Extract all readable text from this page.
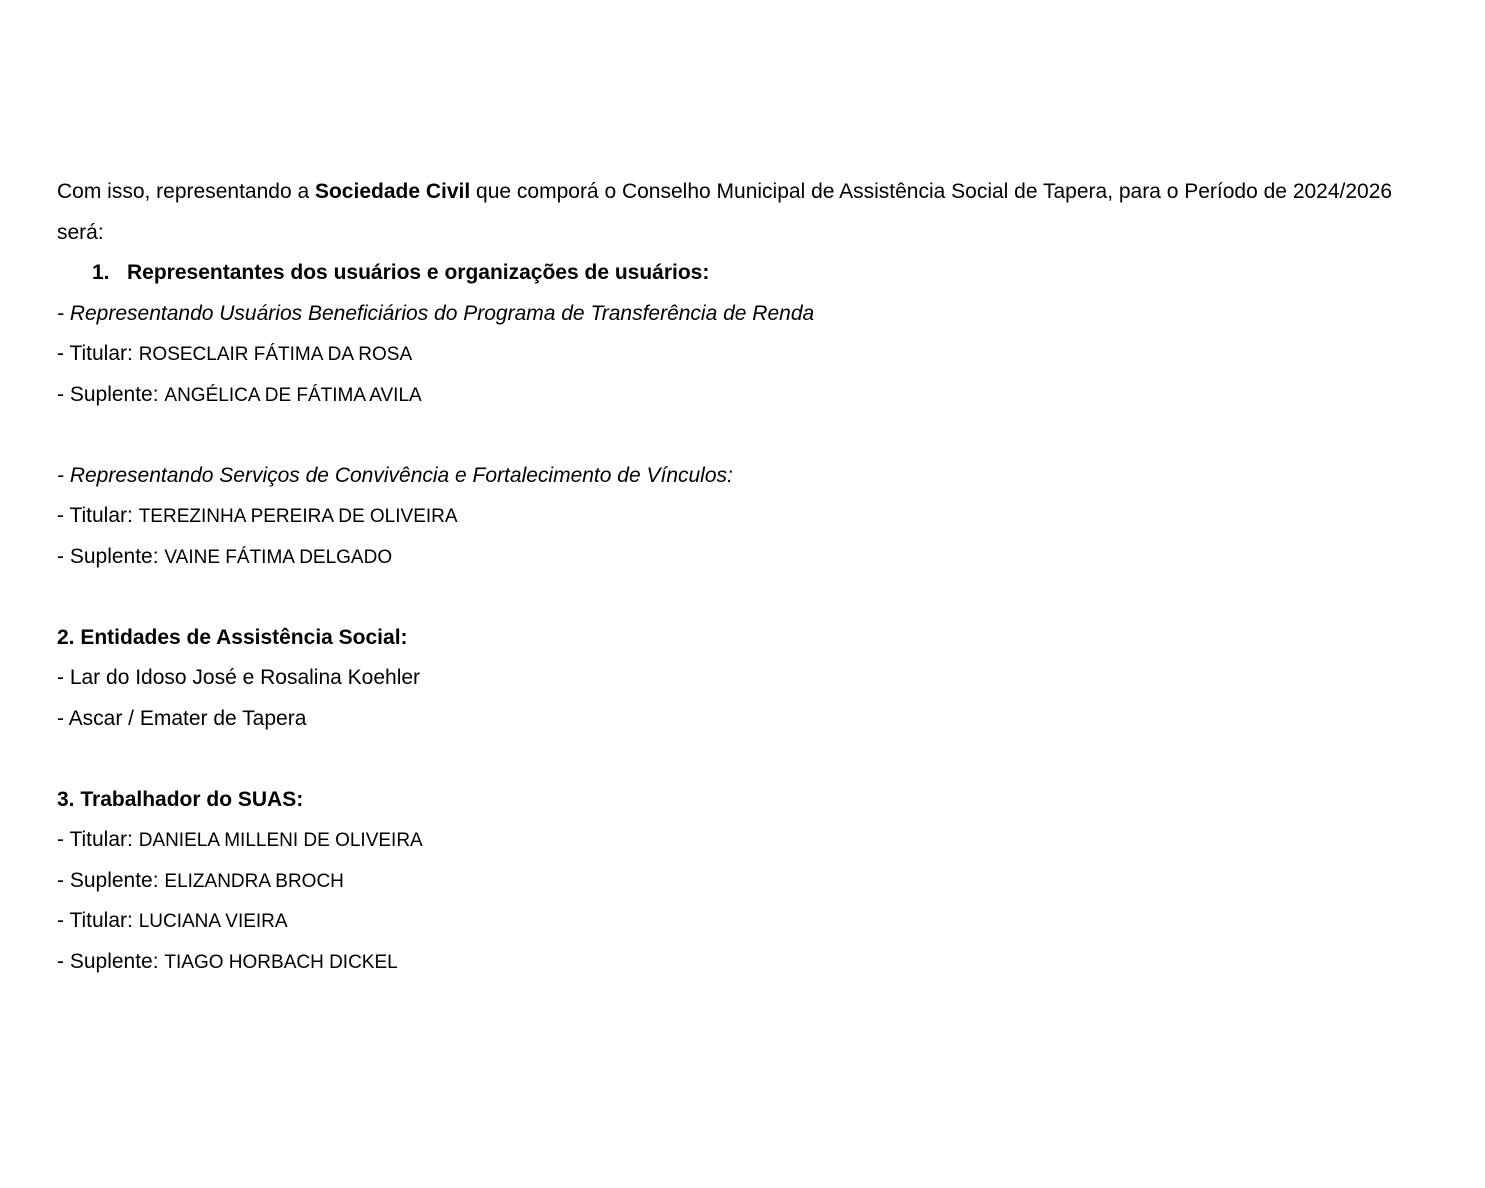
Com isso, representando a Sociedade Civil que comporá o Conselho Municipal de Assistência Social de Tapera, para o Período de 2024/2026 será:
1. Representantes dos usuários e organizações de usuários:
- Representando Usuários Beneficiários do Programa de Transferência de Renda
- Titular: ROSECLAIR FÁTIMA DA ROSA
- Suplente: ANGÉLICA DE FÁTIMA AVILA
- Representando Serviços de Convivência e Fortalecimento de Vínculos:
- Titular: TEREZINHA PEREIRA DE OLIVEIRA
- Suplente: VAINE FÁTIMA DELGADO
2. Entidades de Assistência Social:
- Lar do Idoso José e Rosalina Koehler
- Ascar / Emater de Tapera
3. Trabalhador do SUAS:
- Titular: DANIELA MILLENI DE OLIVEIRA
- Suplente: ELIZANDRA BROCH
- Titular: LUCIANA VIEIRA
- Suplente: TIAGO HORBACH DICKEL
